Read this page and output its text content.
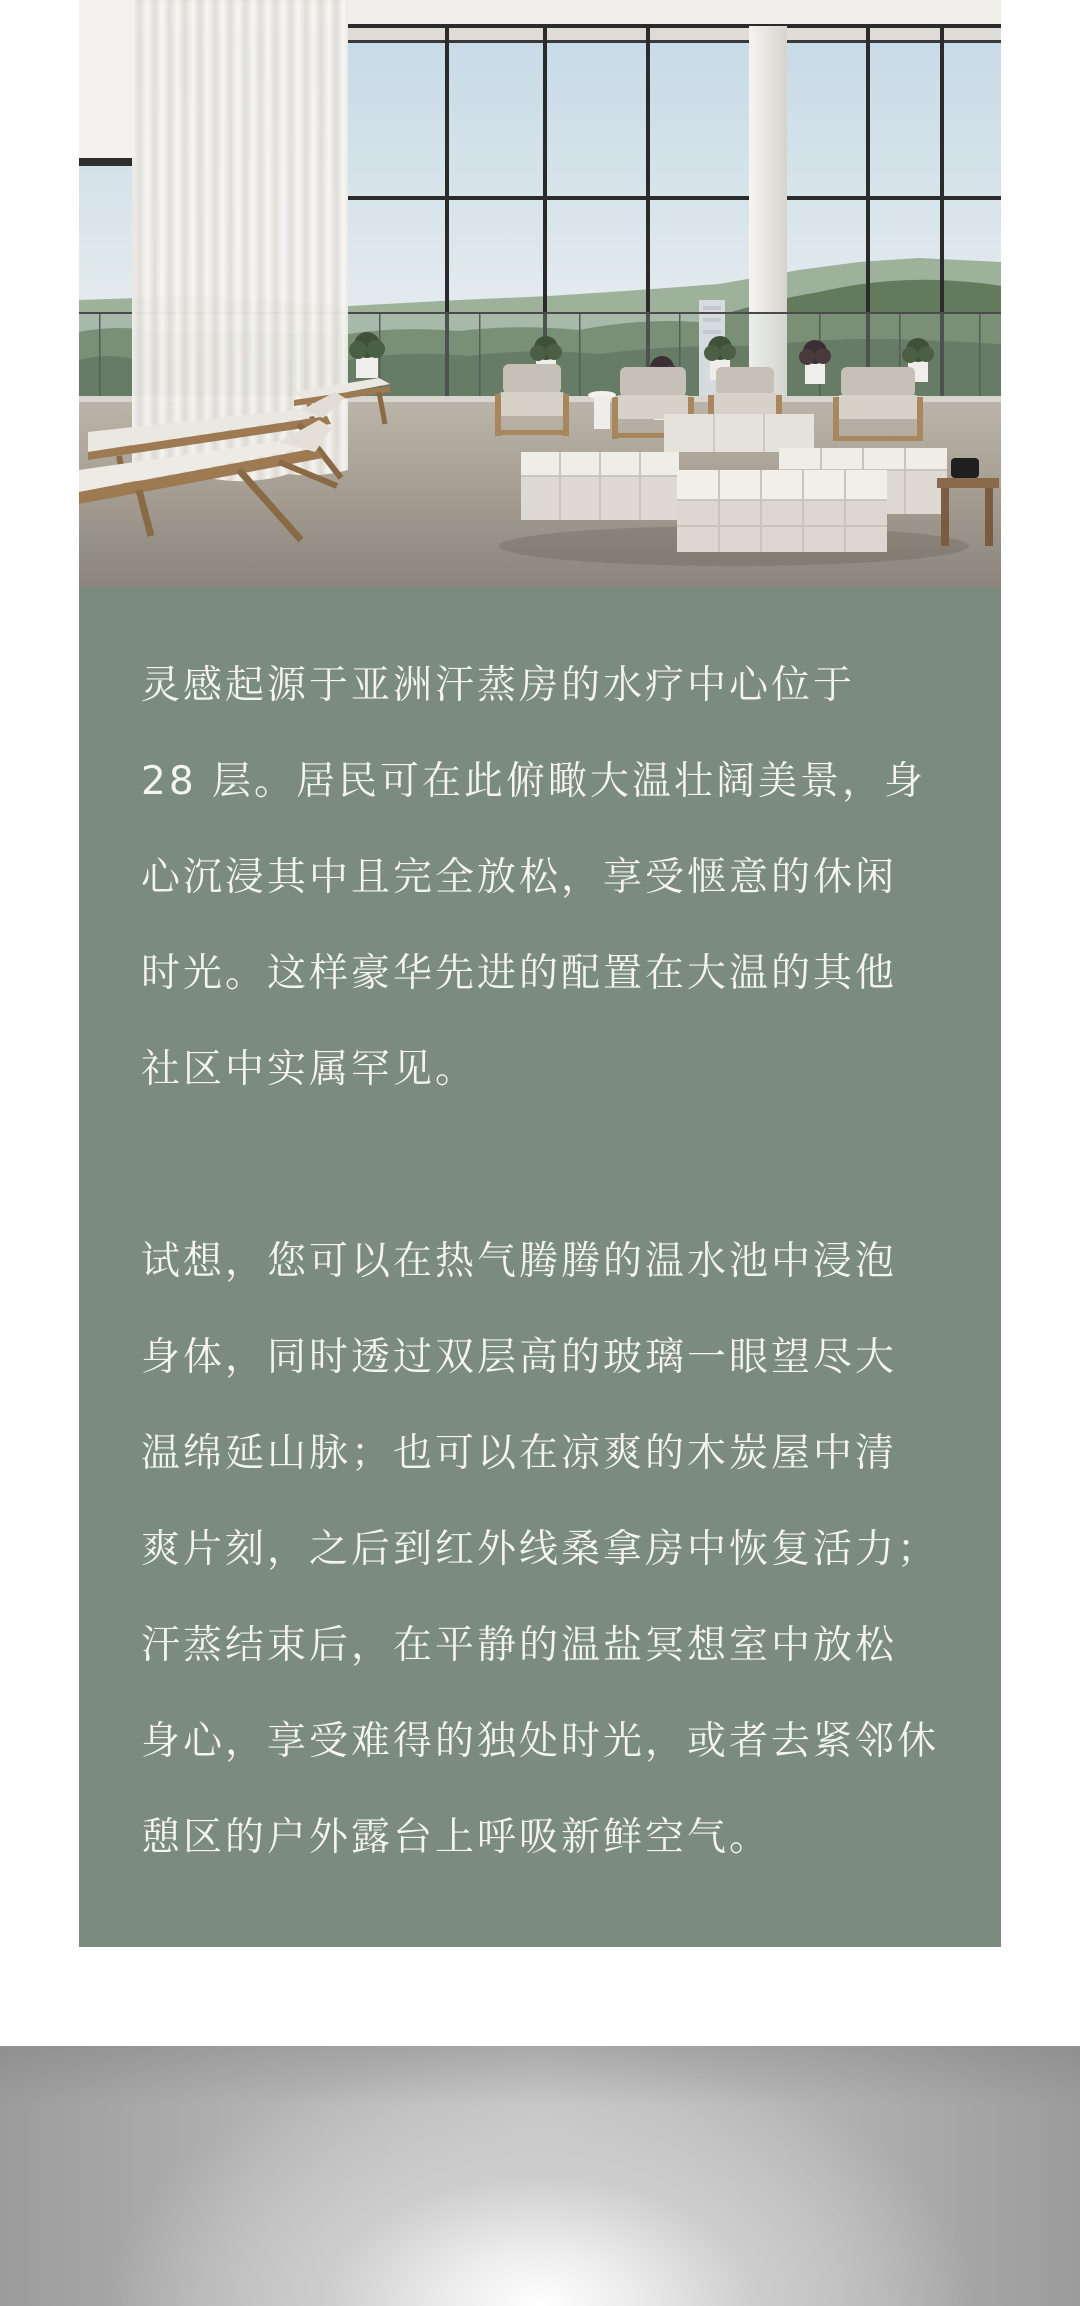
灵感起源于亚洲汗蒸房的水疗中心位于
28 层。居民可在此俯瞰大温壮阔美景，身
心沉浸其中且完全放松，享受惬意的休闲
时光。这样豪华先进的配置在大温的其他
社区中实属罕见。
试想，您可以在热气腾腾的温水池中浸泡
身体，同时透过双层高的玻璃一眼望尽大
温绵延山脉；也可以在凉爽的木炭屋中清
爽片刻，之后到红外线桑拿房中恢复活力；
汗蒸结束后，在平静的温盐冥想室中放松
身心，享受难得的独处时光，或者去紧邻休
憩区的户外露台上呼吸新鲜空气。
